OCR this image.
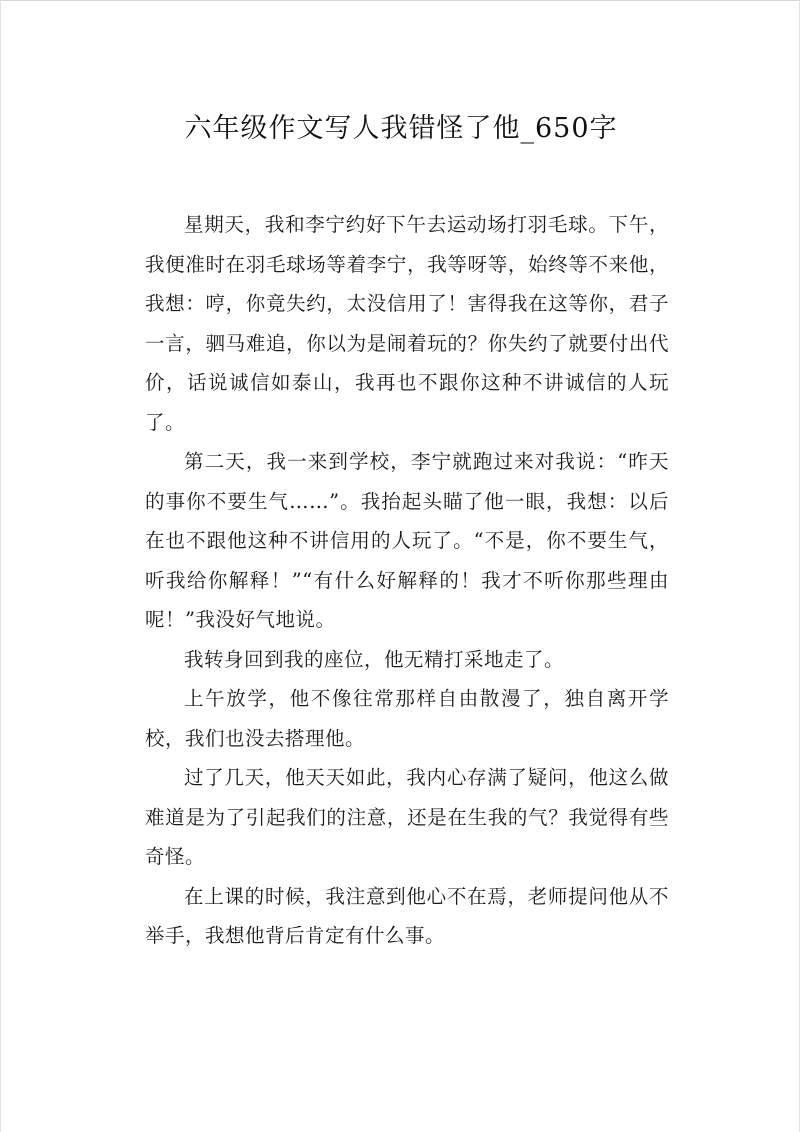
六年级作文写人我错怪了他_650字

星期天，我和李宁约好下午去运动场打羽毛球。下午，我便准时在羽毛球场等着李宁，我等呀等，始终等不来他，我想：哼，你竟失约，太没信用了！害得我在这等你，君子一言，驷马难追，你以为是闹着玩的？你失约了就要付出代价，话说诚信如泰山，我再也不跟你这种不讲诚信的人玩了。

第二天，我一来到学校，李宁就跑过来对我说：“昨天的事你不要生气……”。我抬起头瞄了他一眼，我想：以后在也不跟他这种不讲信用的人玩了。“不是，你不要生气，听我给你解释！”“有什么好解释的！我才不听你那些理由呢！”我没好气地说。

我转身回到我的座位，他无精打采地走了。

上午放学，他不像往常那样自由散漫了，独自离开学校，我们也没去搭理他。

过了几天，他天天如此，我内心存满了疑问，他这么做难道是为了引起我们的注意，还是在生我的气？我觉得有些奇怪。

在上课的时候，我注意到他心不在焉，老师提问他从不举手，我想他背后肯定有什么事。
